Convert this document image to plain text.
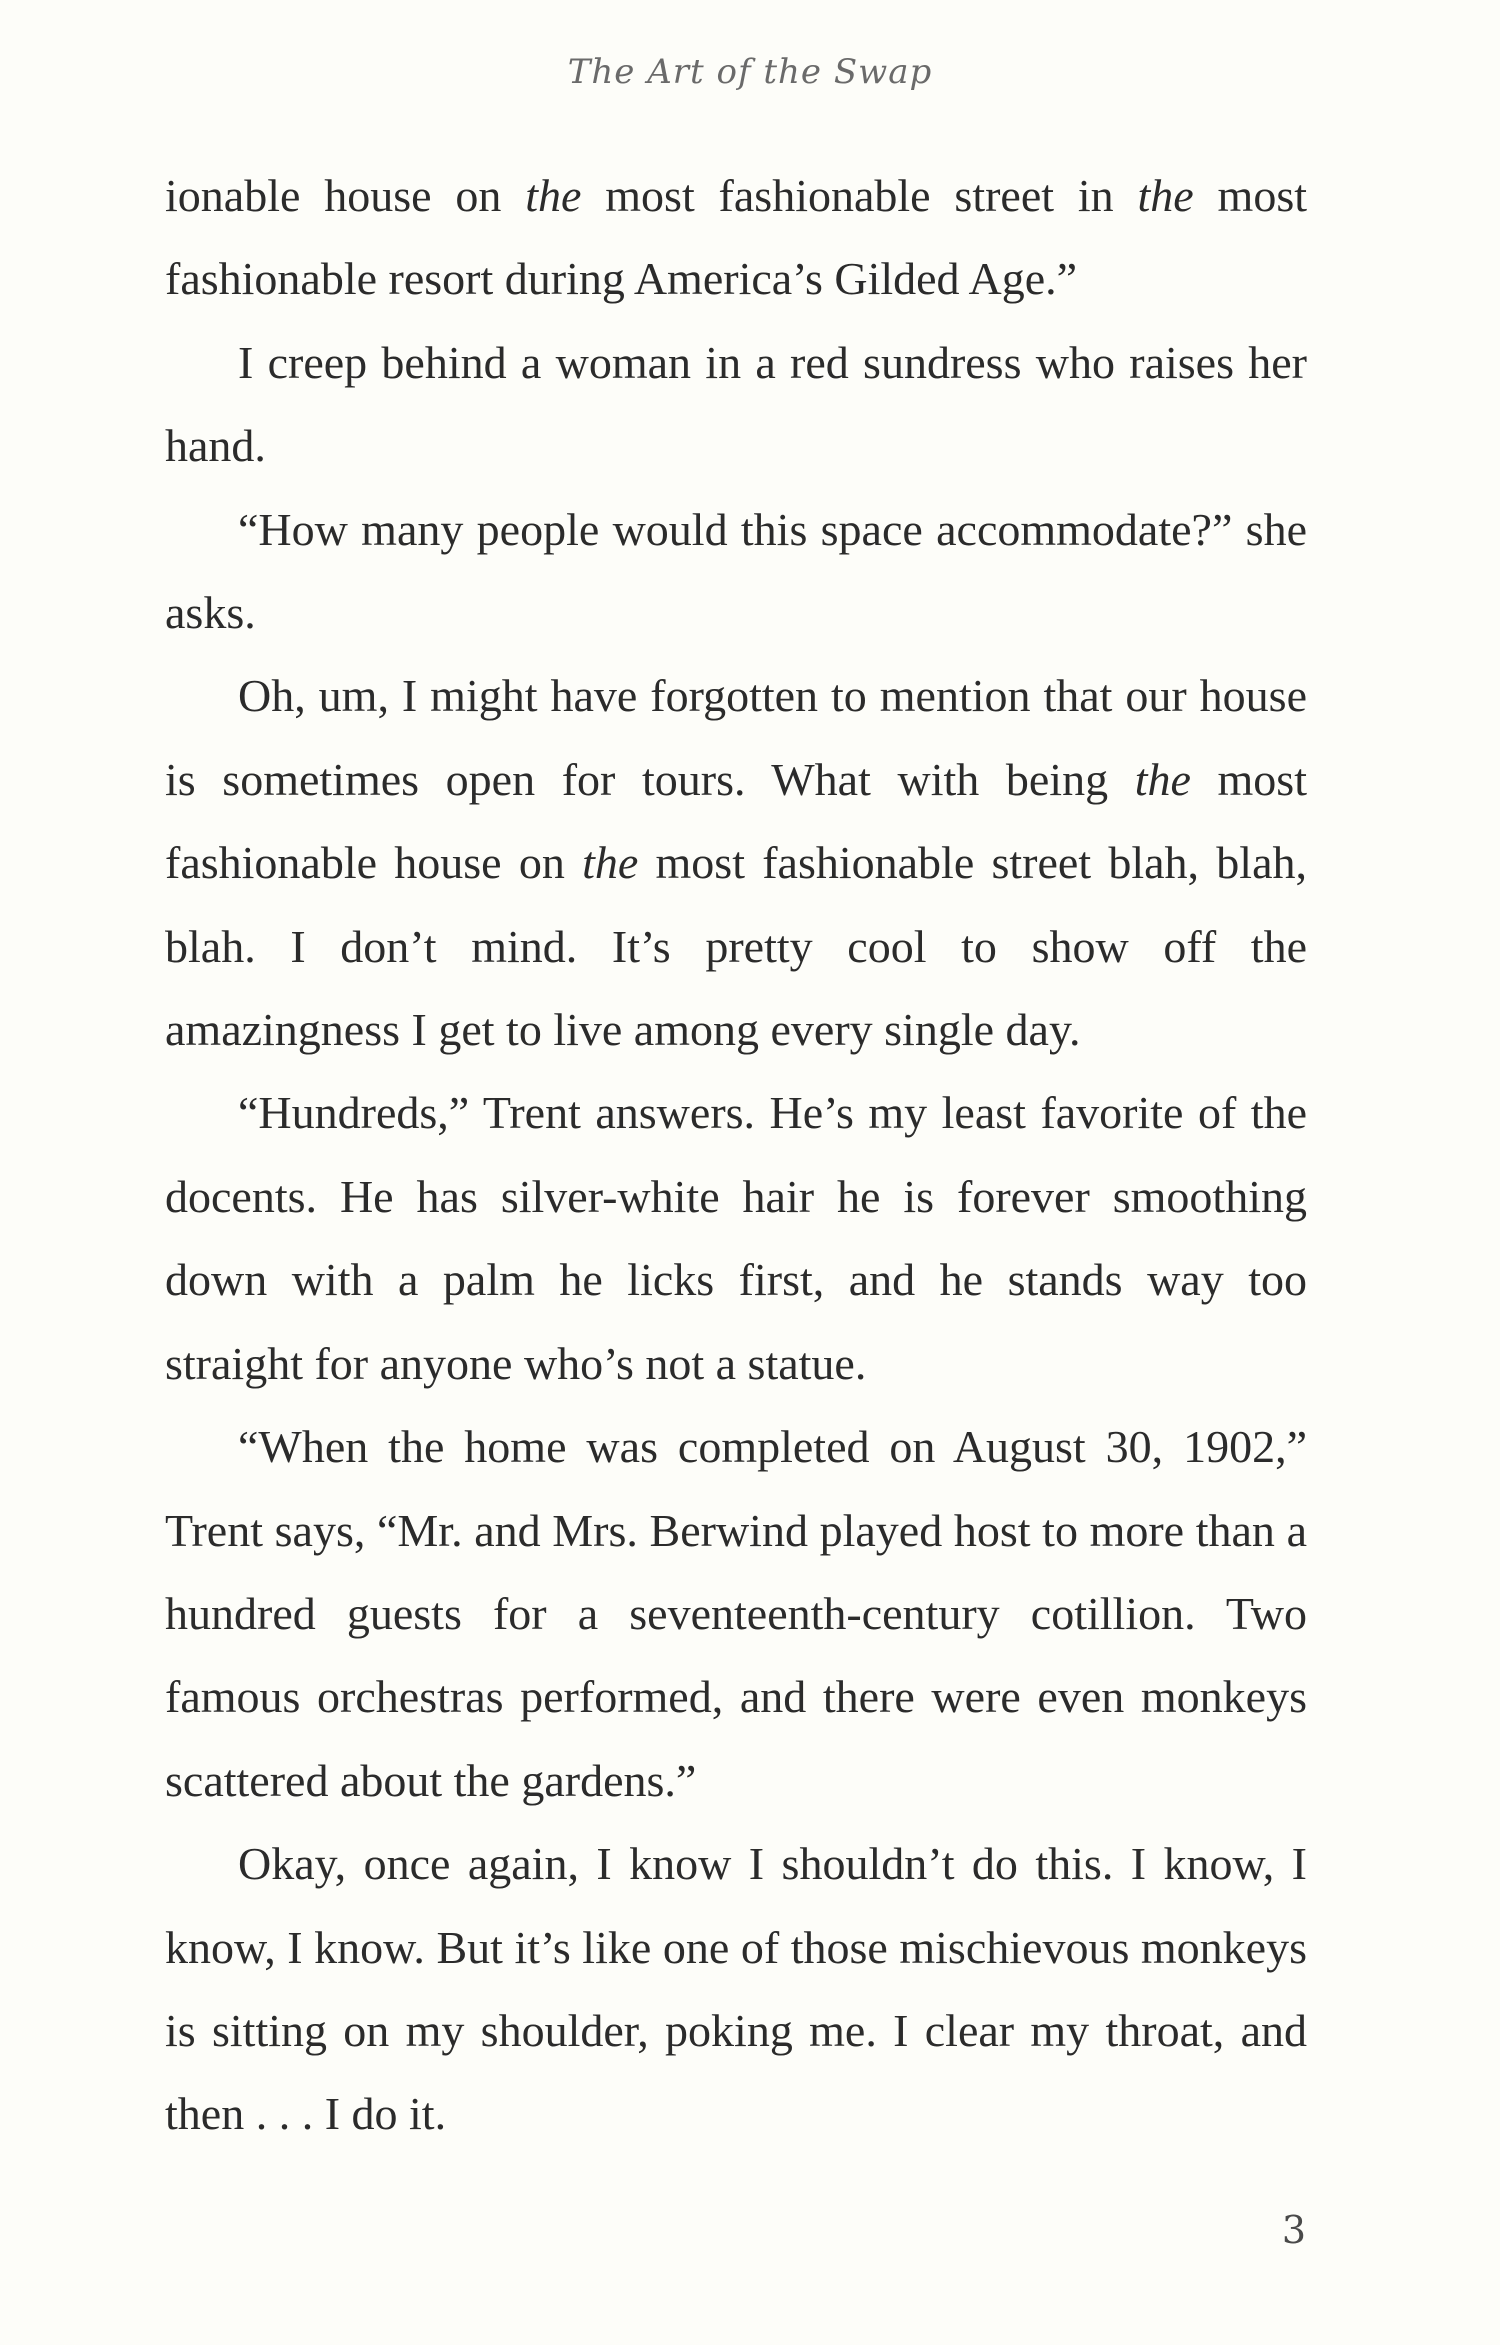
The Art of the Swap

ionable house on the most fashionable street in the most fashionable resort during America’s Gilded Age.”

I creep behind a woman in a red sundress who raises her hand.

“How many people would this space accommodate?” she asks.

Oh, um, I might have forgotten to mention that our house is sometimes open for tours. What with being the most fashionable house on the most fashionable street blah, blah, blah. I don’t mind. It’s pretty cool to show off the amazingness I get to live among every single day.

“Hundreds,” Trent answers. He’s my least favorite of the docents. He has silver-white hair he is forever smoothing down with a palm he licks first, and he stands way too straight for anyone who’s not a statue.

“When the home was completed on August 30, 1902,” Trent says, “Mr. and Mrs. Berwind played host to more than a hundred guests for a seventeenth-century cotillion. Two famous orchestras performed, and there were even monkeys scattered about the gardens.”

Okay, once again, I know I shouldn’t do this. I know, I know, I know. But it’s like one of those mischievous monkeys is sitting on my shoulder, poking me. I clear my throat, and then . . . I do it.

3
